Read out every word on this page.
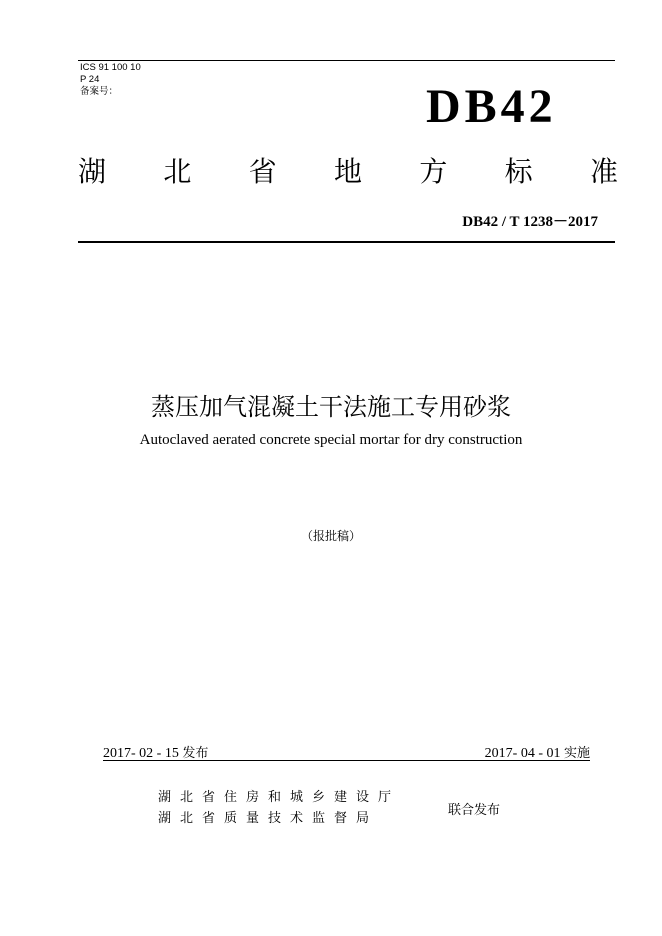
ICS 91 100 10
P 24
备案号：	DB42
湖 北 省 地 方 标 准
DB42 / T 1238－2017
蒸压加气混凝土干法施工专用砂浆
Autoclaved aerated concrete special mortar for dry construction
（报批稿）
2017- 02 - 15 发布	2017- 04 - 01 实施
湖北省住房和城乡建设厅
湖北省质量技术监督局
联合发布
